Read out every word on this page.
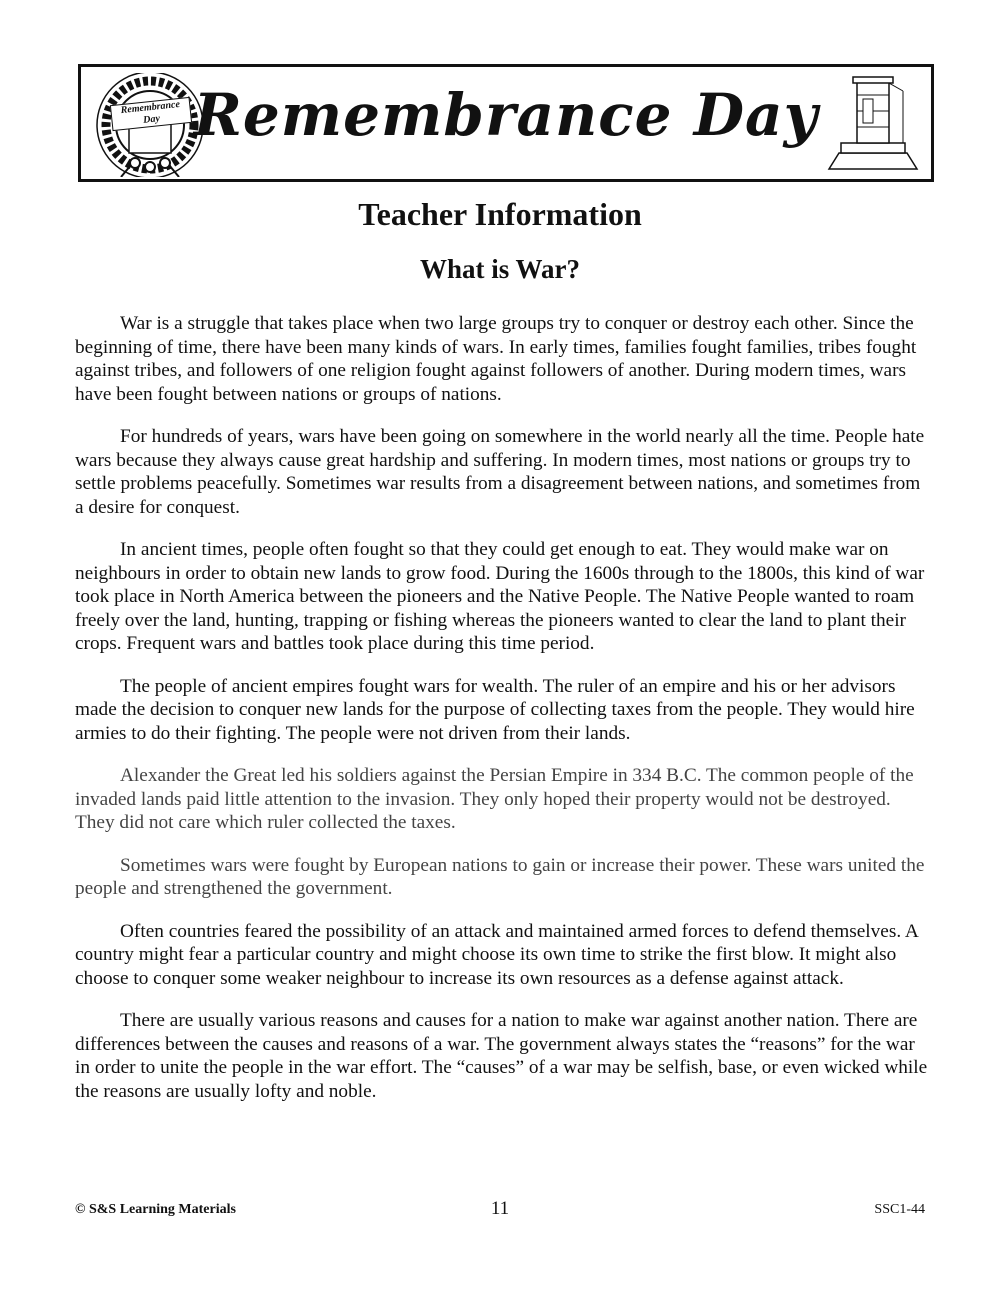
Remembrance Day Remembrance Day
Teacher Information
What is War?

War is a struggle that takes place when two large groups try to conquer or destroy each other. Since the beginning of time, there have been many kinds of wars. In early times, families fought families, tribes fought against tribes, and followers of one religion fought against followers of another. During modern times, wars have been fought between nations or groups of nations.

For hundreds of years, wars have been going on somewhere in the world nearly all the time. People hate wars because they always cause great hardship and suffering. In modern times, most nations or groups try to settle problems peacefully. Sometimes war results from a disagreement between nations, and sometimes from a desire for conquest.

In ancient times, people often fought so that they could get enough to eat. They would make war on neighbours in order to obtain new lands to grow food. During the 1600s through to the 1800s, this kind of war took place in North America between the pioneers and the Native People. The Native People wanted to roam freely over the land, hunting, trapping or fishing whereas the pioneers wanted to clear the land to plant their crops. Frequent wars and battles took place during this time period.

The people of ancient empires fought wars for wealth. The ruler of an empire and his or her advisors made the decision to conquer new lands for the purpose of collecting taxes from the people. They would hire armies to do their fighting. The people were not driven from their lands.

Alexander the Great led his soldiers against the Persian Empire in 334 B.C. The common people of the invaded lands paid little attention to the invasion. They only hoped their property would not be destroyed. They did not care which ruler collected the taxes.

Sometimes wars were fought by European nations to gain or increase their power. These wars united the people and strengthened the government.

Often countries feared the possibility of an attack and maintained armed forces to defend themselves. A country might fear a particular country and might choose its own time to strike the first blow. It might also choose to conquer some weaker neighbour to increase its own resources as a defense against attack.

There are usually various reasons and causes for a nation to make war against another nation. There are differences between the causes and reasons of a war. The government always states the “reasons” for the war in order to unite the people in the war effort. The “causes” of a war may be selfish, base, or even wicked while the reasons are usually lofty and noble.

© S&S Learning Materials	11	SSC1-44
